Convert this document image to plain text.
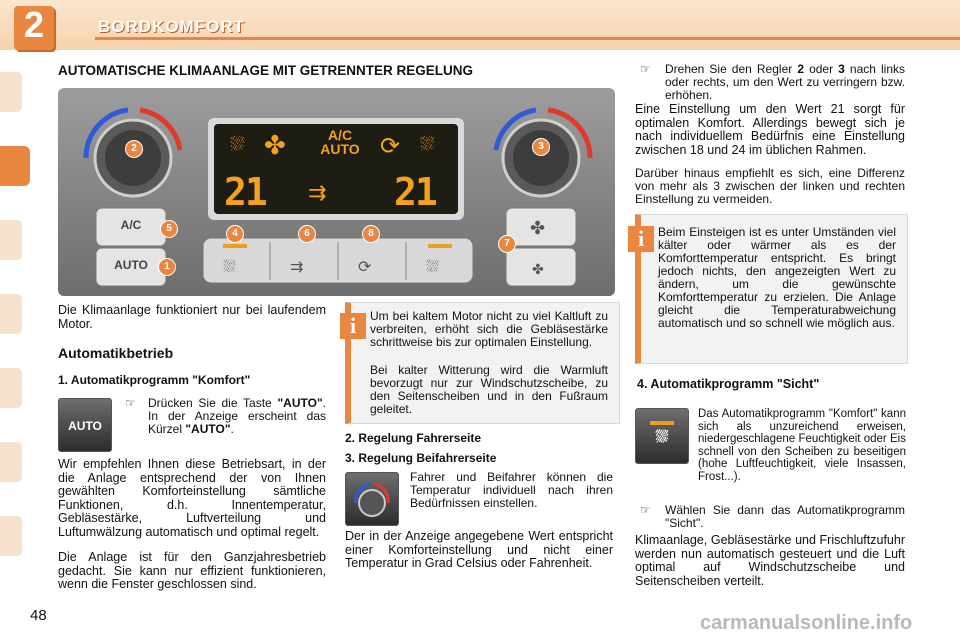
2	BORDKOMFORT
AUTOMATISCHE KLIMAANLAGE MIT GETRENNTER REGELUNG
⛆ ✤	⟳ ⛆
⇉
⛆	⇉	⟳	⛆
✤
✤
A/C
AUTO
21	21
A/C
AUTO	1
2	3
4
5	6
7
8
Die Klimaanlage funktioniert nur bei laufendem Motor.
Automatikbetrieb
1. Automatikprogramm "Komfort"
AUTO
☞ Drücken Sie die Taste "AUTO". In der Anzeige erscheint das Kürzel "AUTO".
Wir empfehlen Ihnen diese Betriebsart, in der die Anlage entsprechend der von Ihnen gewählten Komforteinstellung sämtliche Funktionen, d.h. Innentemperatur, Gebläsestärke, Luftverteilung und Luftumwälzung automatisch und optimal regelt.
Die Anlage ist für den Ganzjahresbetrieb gedacht. Sie kann nur effizient funktionieren, wenn die Fenster geschlossen sind.
i	Um bei kaltem Motor nicht zu viel Kaltluft zu verbreiten, erhöht sich die Gebläsestärke schrittweise bis zur optimalen Einstellung.
Bei kalter Witterung wird die Warmluft bevorzugt nur zur Windschutzscheibe, zu den Seitenscheiben und in den Fußraum geleitet.
2. Regelung Fahrerseite
3. Regelung Beifahrerseite
Fahrer und Beifahrer können die Temperatur individuell nach ihren Bedürfnissen einstellen.
Der in der Anzeige angegebene Wert entspricht einer Komforteinstellung und nicht einer Temperatur in Grad Celsius oder Fahrenheit.
☞ Drehen Sie den Regler 2 oder 3 nach links oder rechts, um den Wert zu verringern bzw. erhöhen.
Eine Einstellung um den Wert 21 sorgt für optimalen Komfort. Allerdings bewegt sich je nach individuellem Bedürfnis eine Einstellung zwischen 18 und 24 im üblichen Rahmen.
Darüber hinaus empfiehlt es sich, eine Differenz von mehr als 3 zwischen der linken und rechten Einstellung zu vermeiden.
i	Beim Einsteigen ist es unter Umständen viel kälter oder wärmer als es der Komforttemperatur entspricht. Es bringt jedoch nichts, den angezeigten Wert zu ändern, um die gewünschte Komforttemperatur zu erzielen. Die Anlage gleicht die Temperaturabweichung automatisch und so schnell wie möglich aus.
4. Automatikprogramm "Sicht"
⛆
Das Automatikprogramm "Komfort" kann sich als unzureichend erweisen, niedergeschlagene Feuchtigkeit oder Eis schnell von den Scheiben zu beseitigen (hohe Luftfeuchtigkeit, viele Insassen, Frost...).
☞ Wählen Sie dann das Automatikprogramm "Sicht".
Klimaanlage, Gebläsestärke und Frischluftzufuhr werden nun automatisch gesteuert und die Luft optimal auf Windschutzscheibe und Seitenscheiben verteilt.
48	carmanualsonline.info
